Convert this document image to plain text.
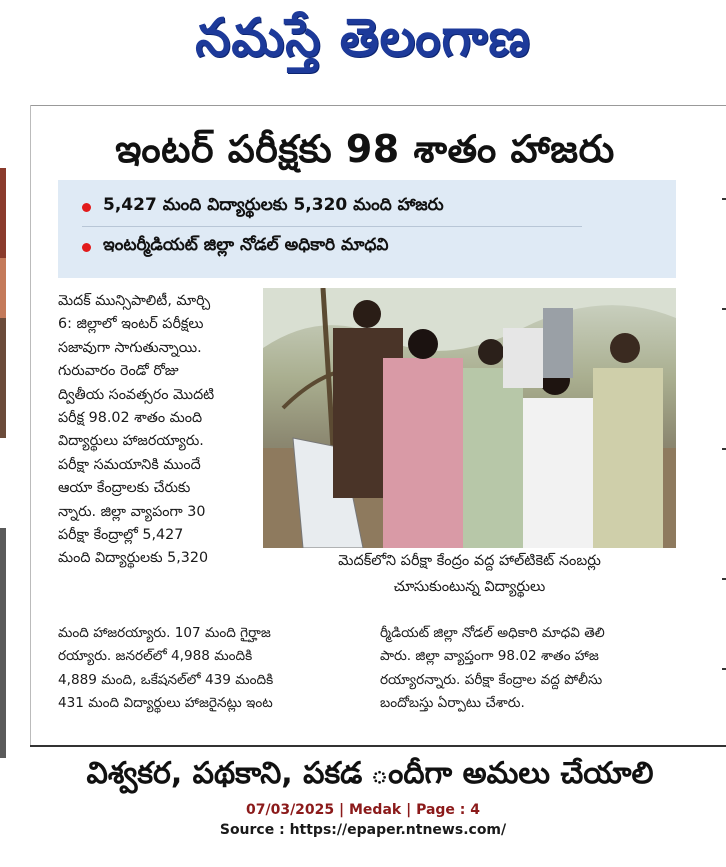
నమస్తే తెలంగాణ
ఇంటర్ పరీక్షకు 98 శాతం హాజరు
5,427 మంది విద్యార్థులకు 5,320 మంది హాజరు
ఇంటర్మీడియట్ జిల్లా నోడల్ అధికారి మాధవి

మెదక్ మున్సిపాలిటీ, మార్చి

6: జిల్లాలో ఇంటర్ పరీక్షలు

సజావుగా సాగుతున్నాయి.

గురువారం రెండో రోజు

ద్వితీయ సంవత్సరం మొదటి

పరీక్ష 98.02 శాతం మంది

విద్యార్థులు హాజరయ్యారు.

పరీక్షా సమయానికి ముందే

ఆయా కేంద్రాలకు చేరుకు

న్నారు. జిల్లా వ్యాపంగా 30

పరీక్షా కేంద్రాల్లో 5,427

మంది విద్యార్థులకు 5,320

మంది హాజరయ్యారు. 107 మంది గైర్హాజ

రయ్యారు. జనరల్‌లో 4,988 మందికి

4,889 మంది, ఒకేషనల్‌లో 439 మందికి

431 మంది విద్యార్థులు హాజరైనట్లు ఇంట

ర్మీడియట్ జిల్లా నోడల్ అధికారి మాధవి తెలి

పారు. జిల్లా వ్యాప్తంగా 98.02 శాతం హాజ

రయ్యారన్నారు. పరీక్షా కేంద్రాల వద్ద పోలీసు

బందోబస్తు ఏర్పాటు చేశారు.

మెదక్‌లోని పరీక్షా కేంద్రం వద్ద హాల్‌టికెట్ నంబర్లు
చూసుకుంటున్న విద్యార్థులు
విశ్వకర, పథకాని, పకడ ందీగా అమలు చేయాలి
07/03/2025 | Medak | Page : 4
Source : https://epaper.ntnews.com/
